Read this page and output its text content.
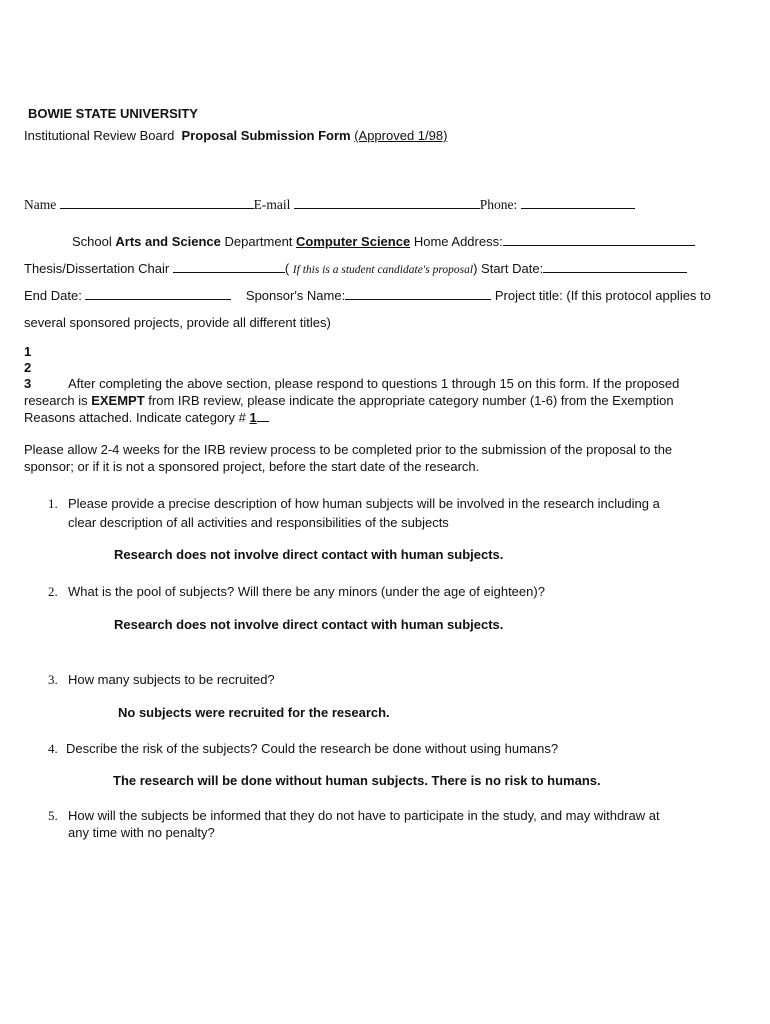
BOWIE STATE UNIVERSITY
Institutional Review Board Proposal Submission Form (Approved 1/98)
Name	E-mail	Phone:
School Arts and Science Department Computer Science Home Address:
Thesis/Dissertation Chair	( If this is a student candidate's proposal) Start Date:
End Date:	Sponsor's Name:	Project title: (If this protocol applies to
several sponsored projects, provide all different titles)
1
2
3	After completing the above section, please respond to questions 1 through 15 on this form. If the proposed
research is EXEMPT from IRB review, please indicate the appropriate category number (1-6) from the Exemption
Reasons attached. Indicate category # 1
Please allow 2-4 weeks for the IRB review process to be completed prior to the submission of the proposal to the
sponsor; or if it is not a sponsored project, before the start date of the research.
1. Please provide a precise description of how human subjects will be involved in the research including a
clear description of all activities and responsibilities of the subjects
Research does not involve direct contact with human subjects.
2. What is the pool of subjects? Will there be any minors (under the age of eighteen)?
Research does not involve direct contact with human subjects.
3. How many subjects to be recruited?
No subjects were recruited for the research.
4. Describe the risk of the subjects? Could the research be done without using humans?
The research will be done without human subjects. There is no risk to humans.
5. How will the subjects be informed that they do not have to participate in the study, and may withdraw at
any time with no penalty?
